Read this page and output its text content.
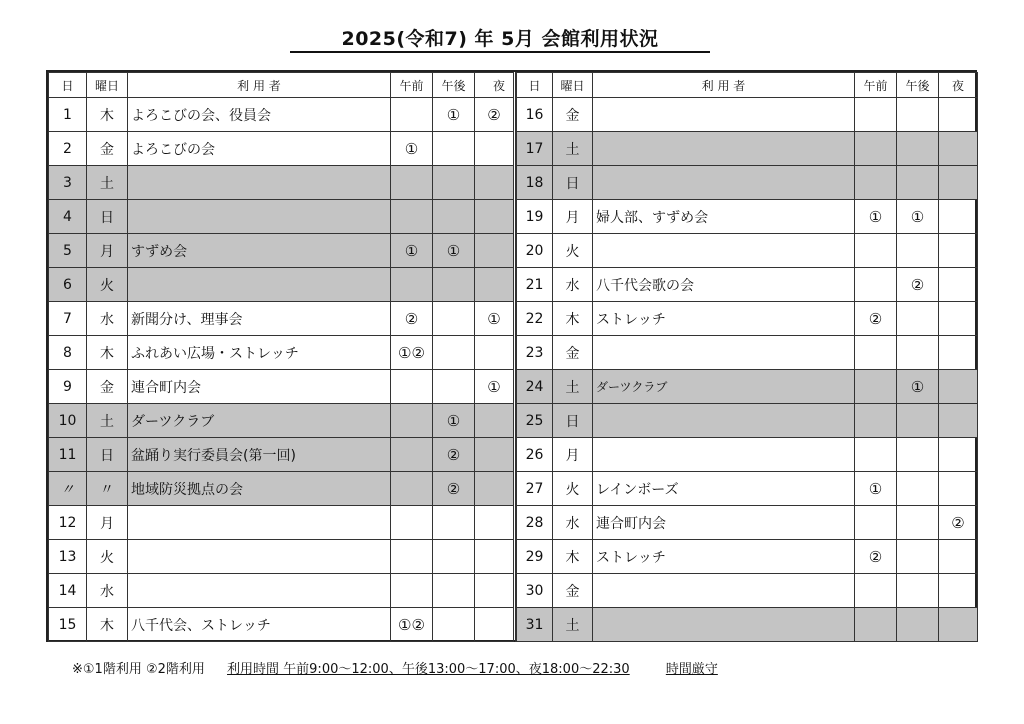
2025(令和7) 年 5月 会館利用状況
日	曜日	利 用 者	午前	午後	夜
1	木	よろこびの会、役員会		①	②
2	金	よろこびの会	①		
3	土				
4	日				
5	月	すずめ会	①	①	
6	火				
7	水	新聞分け、理事会	②		①
8	木	ふれあい広場・ストレッチ	①②		
9	金	連合町内会			①
10	土	ダーツクラブ		①	
11	日	盆踊り実行委員会(第一回)		②	
〃	〃	地域防災拠点の会		②	
12	月				
13	火				
14	水				
15	木	八千代会、ストレッチ	①②		
日	曜日	利 用 者	午前	午後	夜
16	金				
17	土				
18	日				
19	月	婦人部、すずめ会	①	①	
20	火				
21	水	八千代会歌の会		②	
22	木	ストレッチ	②		
23	金				
24	土	ダーツクラブ		①	
25	日				
26	月				
27	火	レインボーズ	①		
28	水	連合町内会			②
29	木	ストレッチ	②		
30	金				
31	土				
※①1階利用 ②2階利用 利用時間 午前9:00～12:00、午後13:00～17:00、夜18:00～22:30	時間厳守
